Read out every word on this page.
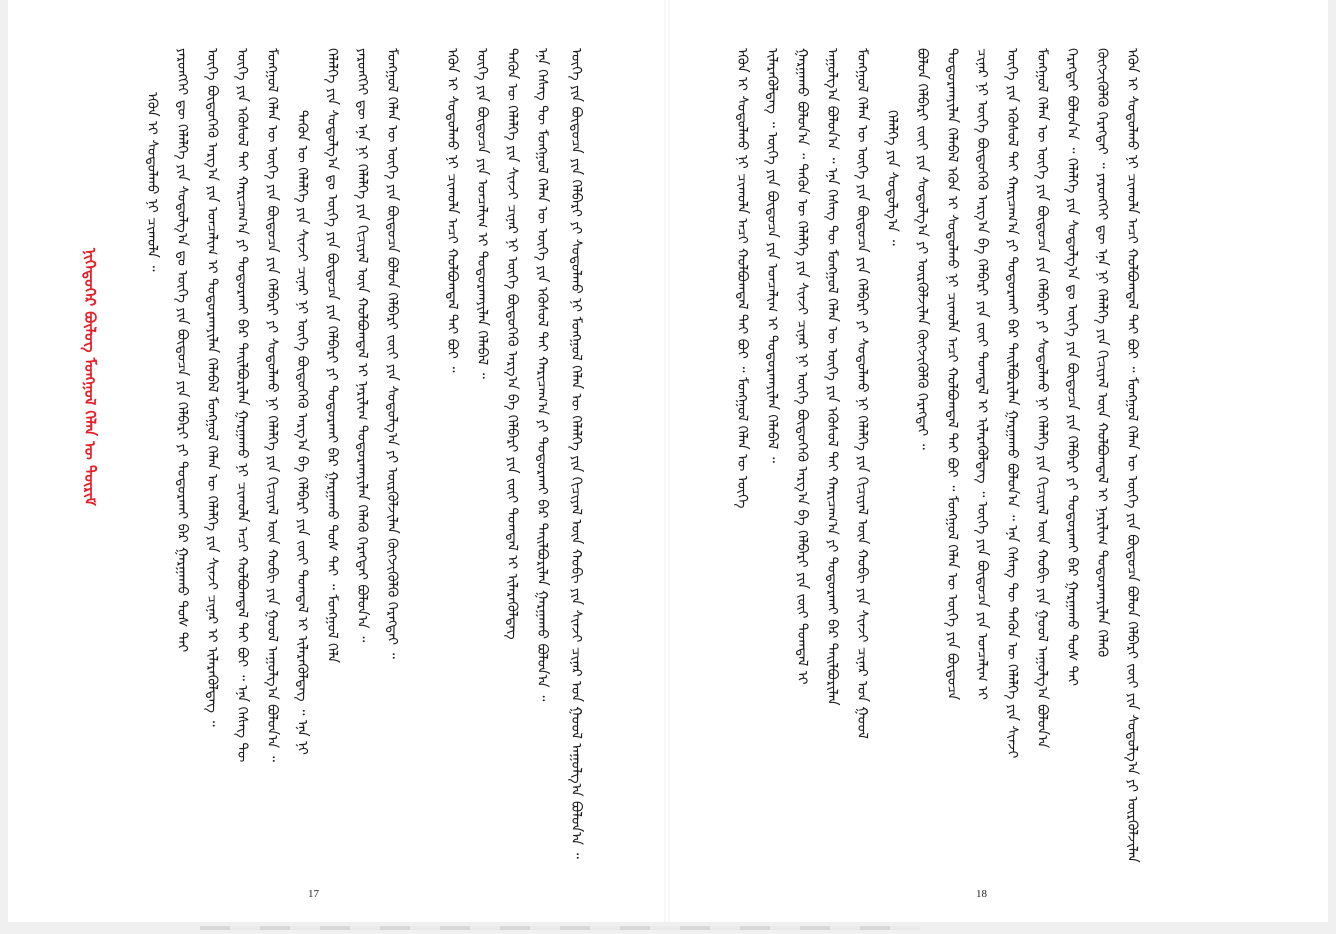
ᠨᠢᠭᠡᠳᠦᠭᠡᠷ ᠪᠦᠯᠦᠭ ᠮᠣᠩᠭᠣᠯ ᠬᠡᠯᠡᠨ ᠦ ᠳᠦᠷᠢᠮ
ᠡᠭᠦᠨ ᠢ ᠰᠤᠳᠤᠯᠬᠤ ᠨᠢ ᠴᠢᠬᠤᠯᠠ ᠃ ᠶᠡᠷᠦᠩᠬᠡᠢ ᠳᠦ ᠬᠡᠯᠡᠯᠭᠡ ᠶᠢᠨ ᠰᠤᠳᠤᠯᠭ᠎ᠠ ᠳᠤ ᠦᠭᠡ ᠶᠢᠨ ᠪᠦᠲᠦᠴᠡ ᠶᠢᠨ ᠬᠡᠯᠪᠡᠷᠢ ᠶᠢ ᠲᠣᠳᠣᠷᠬᠠᠢ ᠪᠠᠷ ᠭᠠᠷᠭᠠᠬᠤ ᠲᠤᠰ ᠲᠠᠢ ᠦᠭᠡ ᠪᠦᠲᠦᠭᠡᠬᠦ ᠠᠷᠭ᠎ᠠ ᠶᠢᠨ ᠣᠨᠴᠠᠯᠢᠭ ᠢ ᠲᠣᠳᠣᠷᠬᠠᠶᠢᠯᠠᠨ ᠬᠡᠯᠡᠪᠡᠯ ᠮᠣᠩᠭᠣᠯ ᠬᠡᠯᠡᠨ ᠦ ᠬᠡᠯᠡᠯᠭᠡ ᠶᠢᠨ ᠰᠢᠨᠵᠢ ᠴᠢᠨᠠᠷ ᠢ ᠢᠯᠡᠷᠡᠭᠦᠯᠳᠡᠭ ᠃ ᠦᠭᠡ ᠶᠢᠨ ᠡᠭᠦᠰᠦᠯ ᠲᠡᠢ ᠬᠠᠷᠢᠴᠠᠭ᠎ᠠ ᠶᠢ ᠲᠣᠳᠣᠷᠬᠠᠢ ᠪᠠᠷ ᠲᠠᠢᠯᠪᠤᠷᠢᠯᠠᠨ ᠭᠠᠷᠭᠠᠬᠤ ᠨᠢ ᠴᠢᠬᠤᠯᠠ ᠠᠴᠢ ᠬᠣᠯᠪᠣᠭᠳᠠᠯ ᠲᠠᠢ ᠪᠤᠢ ᠃ ᠡᠨᠡ ᠬᠡᠰᠡᠭ ᠲᠦ ᠮᠣᠩᠭᠣᠯ ᠬᠡᠯᠡᠨ ᠦ ᠦᠭᠡ ᠶᠢᠨ ᠪᠦᠲᠦᠴᠡ ᠶᠢᠨ ᠬᠡᠯᠪᠡᠷᠢ ᠶᠢ ᠰᠤᠳᠤᠯᠬᠤ ᠨᠢ ᠬᠡᠯᠡᠯᠭᠡ ᠶᠢᠨ ᠬᠢᠴᠢᠶᠡᠯ ᠦᠨ ᠬᠤᠪᠢ ᠶᠢᠨ ᠭᠣᠣᠯ ᠠᠭᠤᠯᠭ᠎ᠠ ᠪᠣᠯᠤᠨ᠎ᠠ ᠃ ᠲᠡᠭᠦᠨ ᠦ ᠬᠡᠯᠡᠯᠭᠡ ᠶᠢᠨ ᠰᠢᠨᠵᠢ ᠴᠢᠨᠠᠷ ᠨᠢ ᠦᠭᠡ ᠪᠦᠲᠦᠭᠡᠬᠦ ᠠᠷᠭ᠎ᠠ ᠪᠠ ᠬᠡᠯᠪᠡᠷᠢ ᠶᠢᠨ ᠵᠦᠢ ᠲᠣᠭᠲᠠᠯ ᠢ ᠢᠯᠡᠷᠡᠭᠦᠯᠳᠡᠭ ᠃ ᠡᠨᠡ ᠨᠢ ᠬᠡᠯᠡᠯᠭᠡ ᠶᠢᠨ ᠰᠤᠳᠤᠯᠭ᠎ᠠ ᠳᠤ ᠦᠭᠡ ᠶᠢᠨ ᠪᠦᠲᠦᠴᠡ ᠶᠢᠨ ᠬᠡᠯᠪᠡᠷᠢ ᠶᠢ ᠲᠣᠳᠣᠷᠬᠠᠢ ᠪᠠᠷ ᠭᠠᠷᠭᠠᠬᠤ ᠲᠤᠰ ᠲᠠᠢ ᠃ ᠮᠣᠩᠭᠣᠯ ᠬᠡᠯᠡ ᠶᠡᠷᠦᠩᠬᠡᠢ ᠳᠦ ᠡᠨᠡ ᠨᠢ ᠬᠡᠯᠡᠯᠭᠡ ᠶᠢᠨ ᠬᠢᠴᠢᠶᠡᠯ ᠦᠨ ᠬᠣᠯᠪᠣᠭᠳᠠᠯ ᠢ ᠨᠠᠷᠢᠯᠢᠭ ᠲᠣᠳᠣᠷᠬᠠᠶᠢᠯᠠᠨ ᠬᠡᠯᠡᠬᠦ ᠬᠡᠷᠡᠭᠲᠡᠢ ᠪᠣᠯᠤᠨ᠎ᠠ ᠃ ᠮᠣᠩᠭᠣᠯ ᠬᠡᠯᠡᠨ ᠦ ᠦᠭᠡ ᠶᠢᠨ ᠪᠦᠲᠦᠴᠡ ᠪᠣᠯᠤᠨ ᠬᠡᠯᠪᠡᠷᠢ ᠵᠦᠢ ᠶᠢᠨ ᠰᠣᠳᠤᠯᠭ᠎ᠠ ᠶᠢ ᠦᠷᠭᠦᠯᠵᠢᠯᠡᠨ ᠬᠦᠭᠵᠢᠭᠦᠯᠬᠦ ᠬᠡᠷᠡᠭᠲᠡᠢ ᠃	ᠡᠭᠦᠨ ᠢ ᠰᠤᠳᠤᠯᠬᠤ ᠨᠢ ᠴᠢᠬᠤᠯᠠ ᠠᠴᠢ ᠬᠣᠯᠪᠣᠭᠳᠠᠯ ᠲᠠᠢ ᠪᠤᠢ ᠃ ᠦᠭᠡ ᠶᠢᠨ ᠪᠦᠲᠦᠴᠡ ᠶᠢᠨ ᠣᠨᠴᠠᠯᠢᠭ ᠢ ᠲᠣᠳᠣᠷᠬᠠᠶᠢᠯᠠᠨ ᠬᠡᠯᠡᠪᠡᠯ ᠃ ᠲᠡᠭᠦᠨ ᠦ ᠬᠡᠯᠡᠯᠭᠡ ᠶᠢᠨ ᠰᠢᠨᠵᠢ ᠴᠢᠨᠠᠷ ᠨᠢ ᠦᠭᠡ ᠪᠦᠲᠦᠭᠡᠬᠦ ᠠᠷᠭ᠎ᠠ ᠪᠠ ᠬᠡᠯᠪᠡᠷᠢ ᠶᠢᠨ ᠵᠦᠢ ᠲᠣᠭᠲᠠᠯ ᠢ ᠢᠯᠡᠷᠡᠭᠦᠯᠳᠡᠭ ᠡᠨᠡ ᠬᠡᠰᠡᠭ ᠲᠦ ᠮᠣᠩᠭᠣᠯ ᠬᠡᠯᠡᠨ ᠦ ᠦᠭᠡ ᠶᠢᠨ ᠡᠭᠦᠰᠦᠯ ᠲᠡᠢ ᠬᠠᠷᠢᠴᠠᠭ᠎ᠠ ᠶᠢ ᠲᠣᠳᠣᠷᠬᠠᠢ ᠪᠠᠷ ᠲᠠᠢᠯᠪᠤᠷᠢᠯᠠᠨ ᠭᠠᠷᠭᠠᠬᠤ ᠪᠣᠯᠤᠨ᠎ᠠ ᠃ ᠦᠭᠡ ᠶᠢᠨ ᠪᠦᠲᠦᠴᠡ ᠶᠢᠨ ᠬᠡᠯᠪᠡᠷᠢ ᠶᠢ ᠰᠤᠳᠤᠯᠬᠤ ᠨᠢ ᠮᠣᠩᠭᠣᠯ ᠬᠡᠯᠡᠨ ᠦ ᠬᠡᠯᠡᠯᠭᠡ ᠶᠢᠨ ᠬᠢᠴᠢᠶᠡᠯ ᠦᠨ ᠬᠤᠪᠢ ᠶᠢᠨ ᠰᠢᠨᠵᠢ ᠴᠢᠨᠠᠷ ᠤᠨ ᠭᠣᠣᠯ ᠠᠭᠤᠯᠭ᠎ᠠ ᠪᠣᠯᠤᠨ᠎ᠠ ᠃
17
ᠡᠭᠦᠨ ᠢ ᠰᠤᠳᠤᠯᠬᠤ ᠨᠢ ᠴᠢᠬᠤᠯᠠ ᠠᠴᠢ ᠬᠣᠯᠪᠣᠭᠳᠠᠯ ᠲᠠᠢ ᠪᠤᠢ ᠃ ᠮᠣᠩᠭᠣᠯ ᠬᠡᠯᠡᠨ ᠦ ᠦᠭᠡ ᠢᠯᠡᠷᠡᠭᠦᠯᠳᠡᠭ ᠃ ᠦᠭᠡ ᠶᠢᠨ ᠪᠦᠲᠦᠴᠡ ᠶᠢᠨ ᠣᠨᠴᠠᠯᠢᠭ ᠢ ᠲᠣᠳᠣᠷᠬᠠᠶᠢᠯᠠᠨ ᠬᠡᠯᠡᠪᠡᠯ ᠃ ᠭᠠᠷᠭᠠᠬᠤ ᠪᠣᠯᠤᠨ᠎ᠠ ᠃ ᠲᠡᠭᠦᠨ ᠦ ᠬᠡᠯᠡᠯᠭᠡ ᠶᠢᠨ ᠰᠢᠨᠵᠢ ᠴᠢᠨᠠᠷ ᠨᠢ ᠦᠭᠡ ᠪᠦᠲᠦᠭᠡᠬᠦ ᠠᠷᠭ᠎ᠠ ᠪᠠ ᠬᠡᠯᠪᠡᠷᠢ ᠶᠢᠨ ᠵᠦᠢ ᠲᠣᠭᠲᠠᠯ ᠢ ᠠᠭᠤᠯᠭ᠎ᠠ ᠪᠣᠯᠤᠨ᠎ᠠ ᠃ ᠡᠨᠡ ᠬᠡᠰᠡᠭ ᠲᠦ ᠮᠣᠩᠭᠣᠯ ᠬᠡᠯᠡᠨ ᠦ ᠦᠭᠡ ᠶᠢᠨ ᠡᠭᠦᠰᠦᠯ ᠲᠡᠢ ᠬᠠᠷᠢᠴᠠᠭ᠎ᠠ ᠶᠢ ᠲᠣᠳᠣᠷᠬᠠᠢ ᠪᠠᠷ ᠲᠠᠢᠯᠪᠤᠷᠢᠯᠠᠨ ᠮᠣᠩᠭᠣᠯ ᠬᠡᠯᠡᠨ ᠦ ᠦᠭᠡ ᠶᠢᠨ ᠪᠦᠲᠦᠴᠡ ᠶᠢᠨ ᠬᠡᠯᠪᠡᠷᠢ ᠶᠢ ᠰᠤᠳᠤᠯᠬᠤ ᠨᠢ ᠬᠡᠯᠡᠯᠭᠡ ᠶᠢᠨ ᠬᠢᠴᠢᠶᠡᠯ ᠦᠨ ᠬᠤᠪᠢ ᠶᠢᠨ ᠰᠢᠨᠵᠢ ᠴᠢᠨᠠᠷ ᠤᠨ ᠭᠣᠣᠯ ᠬᠡᠯᠡᠯᠭᠡ ᠶᠢᠨ ᠰᠤᠳᠤᠯᠭ᠎ᠠ ᠃ ᠪᠣᠯᠤᠨ ᠬᠡᠯᠪᠡᠷᠢ ᠵᠦᠢ ᠶᠢᠨ ᠰᠣᠳᠤᠯᠭ᠎ᠠ ᠶᠢ ᠦᠷᠭᠦᠯᠵᠢᠯᠡᠨ ᠬᠦᠭᠵᠢᠭᠦᠯᠬᠦ ᠬᠡᠷᠡᠭᠲᠡᠢ ᠃ ᠲᠣᠳᠣᠷᠬᠠᠶᠢᠯᠠᠨ ᠬᠡᠯᠡᠪᠡᠯ ᠡᠭᠦᠨ ᠢ ᠰᠤᠳᠤᠯᠬᠤ ᠨᠢ ᠴᠢᠬᠤᠯᠠ ᠠᠴᠢ ᠬᠣᠯᠪᠣᠭᠳᠠᠯ ᠲᠠᠢ ᠪᠤᠢ ᠃ ᠮᠣᠩᠭᠣᠯ ᠬᠡᠯᠡᠨ ᠦ ᠦᠭᠡ ᠶᠢᠨ ᠪᠦᠲᠦᠴᠡ ᠴᠢᠨᠠᠷ ᠨᠢ ᠦᠭᠡ ᠪᠦᠲᠦᠭᠡᠬᠦ ᠠᠷᠭ᠎ᠠ ᠪᠠ ᠬᠡᠯᠪᠡᠷᠢ ᠶᠢᠨ ᠵᠦᠢ ᠲᠣᠭᠲᠠᠯ ᠢ ᠢᠯᠡᠷᠡᠭᠦᠯᠳᠡᠭ ᠃ ᠦᠭᠡ ᠶᠢᠨ ᠪᠦᠲᠦᠴᠡ ᠶᠢᠨ ᠣᠨᠴᠠᠯᠢᠭ ᠢ ᠦᠭᠡ ᠶᠢᠨ ᠡᠭᠦᠰᠦᠯ ᠲᠡᠢ ᠬᠠᠷᠢᠴᠠᠭ᠎ᠠ ᠶᠢ ᠲᠣᠳᠣᠷᠬᠠᠢ ᠪᠠᠷ ᠲᠠᠢᠯᠪᠤᠷᠢᠯᠠᠨ ᠭᠠᠷᠭᠠᠬᠤ ᠪᠣᠯᠤᠨ᠎ᠠ ᠃ ᠡᠨᠡ ᠬᠡᠰᠡᠭ ᠲᠦ ᠲᠡᠭᠦᠨ ᠦ ᠬᠡᠯᠡᠯᠭᠡ ᠶᠢᠨ ᠰᠢᠨᠵᠢ ᠮᠣᠩᠭᠣᠯ ᠬᠡᠯᠡᠨ ᠦ ᠦᠭᠡ ᠶᠢᠨ ᠪᠦᠲᠦᠴᠡ ᠶᠢᠨ ᠬᠡᠯᠪᠡᠷᠢ ᠶᠢ ᠰᠤᠳᠤᠯᠬᠤ ᠨᠢ ᠬᠡᠯᠡᠯᠭᠡ ᠶᠢᠨ ᠬᠢᠴᠢᠶᠡᠯ ᠦᠨ ᠬᠤᠪᠢ ᠶᠢᠨ ᠭᠣᠣᠯ ᠠᠭᠤᠯᠭ᠎ᠠ ᠪᠣᠯᠤᠨ᠎ᠠ ᠬᠡᠷᠡᠭᠲᠡᠢ ᠪᠣᠯᠤᠨ᠎ᠠ ᠃ ᠬᠡᠯᠡᠯᠭᠡ ᠶᠢᠨ ᠰᠤᠳᠤᠯᠭ᠎ᠠ ᠳᠤ ᠦᠭᠡ ᠶᠢᠨ ᠪᠦᠲᠦᠴᠡ ᠶᠢᠨ ᠬᠡᠯᠪᠡᠷᠢ ᠶᠢ ᠲᠣᠳᠣᠷᠬᠠᠢ ᠪᠠᠷ ᠭᠠᠷᠭᠠᠬᠤ ᠲᠤᠰ ᠲᠠᠢ ᠬᠦᠭᠵᠢᠭᠦᠯᠬᠦ ᠬᠡᠷᠡᠭᠲᠡᠢ ᠃ ᠶᠡᠷᠦᠩᠬᠡᠢ ᠳᠦ ᠡᠨᠡ ᠨᠢ ᠬᠡᠯᠡᠯᠭᠡ ᠶᠢᠨ ᠬᠢᠴᠢᠶᠡᠯ ᠦᠨ ᠬᠣᠯᠪᠣᠭᠳᠠᠯ ᠢ ᠨᠠᠷᠢᠯᠢᠭ ᠲᠣᠳᠣᠷᠬᠠᠶᠢᠯᠠᠨ ᠬᠡᠯᠡᠬᠦ ᠡᠭᠦᠨ ᠢ ᠰᠤᠳᠤᠯᠬᠤ ᠨᠢ ᠴᠢᠬᠤᠯᠠ ᠠᠴᠢ ᠬᠣᠯᠪᠣᠭᠳᠠᠯ ᠲᠠᠢ ᠪᠤᠢ ᠃ ᠮᠣᠩᠭᠣᠯ ᠬᠡᠯᠡᠨ ᠦ ᠦᠭᠡ ᠶᠢᠨ ᠪᠦᠲᠦᠴᠡ ᠪᠣᠯᠤᠨ ᠬᠡᠯᠪᠡᠷᠢ ᠵᠦᠢ ᠶᠢᠨ ᠰᠣᠳᠤᠯᠭ᠎ᠠ ᠶᠢ ᠦᠷᠭᠦᠯᠵᠢᠯᠡᠨ
18
